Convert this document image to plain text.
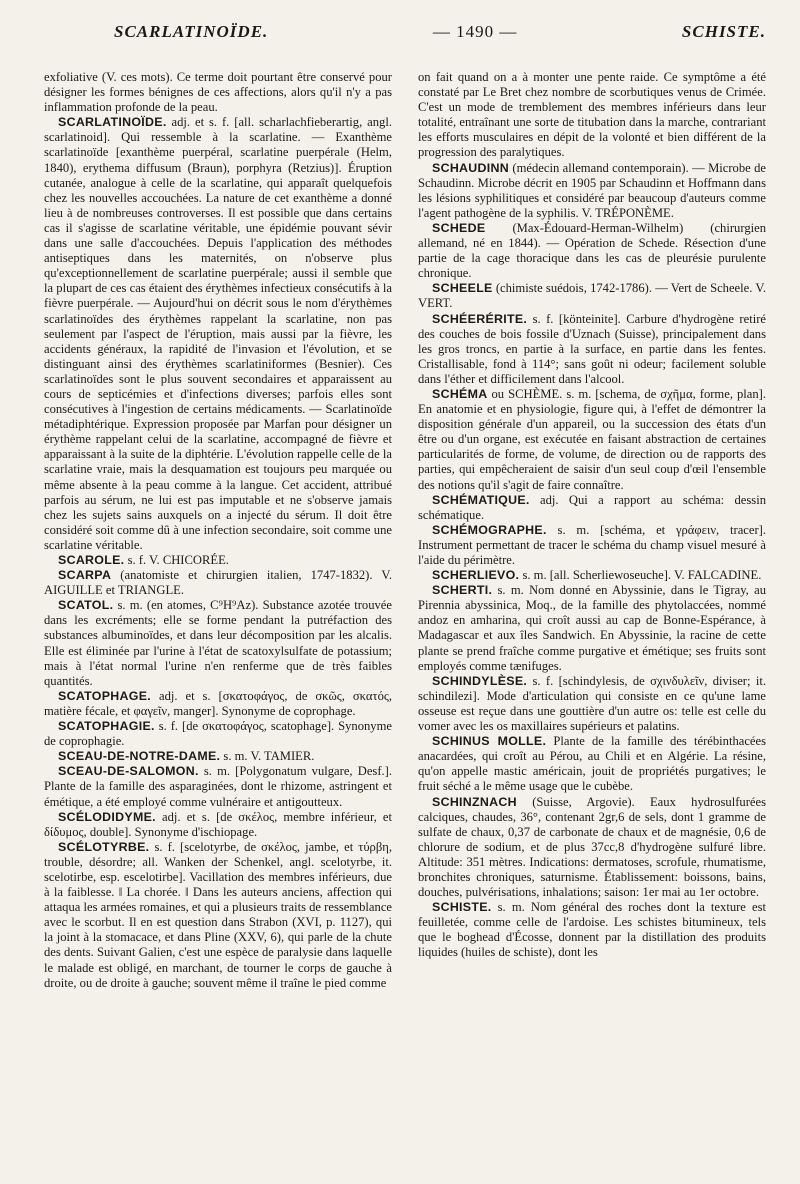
SCARLATINOÏDE.	— 1490 —	SCHISTE.

exfoliative (V. ces mots). Ce terme doit pourtant être conservé pour désigner les formes bénignes de ces affections, alors qu'il n'y a pas inflammation profonde de la peau.

SCARLATINOÏDE. adj. et s. f. [all. scharlachfieberartig, angl. scarlatinoid]. Qui ressemble à la scarlatine. — Exanthème scarlatinoïde [exanthème puerpéral, scarlatine puerpérale (Helm, 1840), erythema diffusum (Braun), porphyra (Retzius)]. Éruption cutanée, analogue à celle de la scarlatine, qui apparaît quelquefois chez les nouvelles accouchées. La nature de cet exanthème a donné lieu à de nombreuses controverses. Il est possible que dans certains cas il s'agisse de scarlatine véritable, une épidémie pouvant sévir dans une salle d'accouchées. Depuis l'application des méthodes antiseptiques dans les maternités, on n'observe plus qu'exceptionnellement de scarlatine puerpérale; aussi il semble que la plupart de ces cas étaient des érythèmes infectieux consécutifs à la fièvre puerpérale. — Aujourd'hui on décrit sous le nom d'érythèmes scarlatinoïdes des érythèmes rappelant la scarlatine, non pas seulement par l'aspect de l'éruption, mais aussi par la fièvre, les accidents généraux, la rapidité de l'invasion et l'évolution, et se distinguant ainsi des érythèmes scarlatiniformes (Besnier). Ces scarlatinoïdes sont le plus souvent secondaires et apparaissent au cours de septicémies et d'infections diverses; parfois elles sont consécutives à l'ingestion de certains médicaments. — Scarlatinoïde métadiphtérique. Expression proposée par Marfan pour désigner un érythème rappelant celui de la scarlatine, accompagné de fièvre et apparaissant à la suite de la diphtérie. L'évolution rappelle celle de la scarlatine vraie, mais la desquamation est toujours peu marquée ou même absente à la peau comme à la langue. Cet accident, attribué parfois au sérum, ne lui est pas imputable et ne s'observe jamais chez les sujets sains auxquels on a injecté du sérum. Il doit être considéré soit comme dû à une infection secondaire, soit comme une scarlatine véritable.

SCAROLE. s. f. V. CHICORÉE.

SCARPA (anatomiste et chirurgien italien, 1747-1832). V. AIGUILLE et TRIANGLE.

SCATOL. s. m. (en atomes, C⁹H⁹Az). Substance azotée trouvée dans les excréments; elle se forme pendant la putréfaction des substances albuminoïdes, et dans leur décomposition par les alcalis. Elle est éliminée par l'urine à l'état de scatoxylsulfate de potassium; mais à l'état normal l'urine n'en renferme que de très faibles quantités.

SCATOPHAGE. adj. et s. [σκατοφάγος, de σκῶς, σκατός, matière fécale, et φαγεῖν, manger]. Synonyme de coprophage.

SCATOPHAGIE. s. f. [de σκατοφάγος, scatophage]. Synonyme de coprophagie.

SCEAU-DE-NOTRE-DAME. s. m. V. TAMIER.

SCEAU-DE-SALOMON. s. m. [Polygonatum vulgare, Desf.]. Plante de la famille des asparaginées, dont le rhizome, astringent et émétique, a été employé comme vulnéraire et antigoutteux.

SCÉLODIDYME. adj. et s. [de σκέλος, membre inférieur, et δίδυμος, double]. Synonyme d'ischiopage.

SCÉLOTYRBE. s. f. [scelotyrbe, de σκέλος, jambe, et τύρβη, trouble, désordre; all. Wanken der Schenkel, angl. scelotyrbe, it. scelotirbe, esp. escelotirbe]. Vacillation des membres inférieurs, due à la faiblesse. ‖ La chorée. ‖ Dans les auteurs anciens, affection qui attaqua les armées romaines, et qui a plusieurs traits de ressemblance avec le scorbut. Il en est question dans Strabon (XVI, p. 1127), qui la joint à la stomacace, et dans Pline (XXV, 6), qui parle de la chute des dents. Suivant Galien, c'est une espèce de paralysie dans laquelle le malade est obligé, en marchant, de tourner le corps de gauche à droite, ou de droite à gauche; souvent même il traîne le pied comme

on fait quand on a à monter une pente raide. Ce symptôme a été constaté par Le Bret chez nombre de scorbutiques venus de Crimée. C'est un mode de tremblement des membres inférieurs dans leur totalité, entraînant une sorte de titubation dans la marche, contrariant les efforts musculaires en dépit de la volonté et bien différent de la progression des paralytiques.

SCHAUDINN (médecin allemand contemporain). — Microbe de Schaudinn. Microbe décrit en 1905 par Schaudinn et Hoffmann dans les lésions syphilitiques et considéré par beaucoup d'auteurs comme l'agent pathogène de la syphilis. V. TRÉPONÈME.

SCHEDE (Max-Édouard-Herman-Wilhelm) (chirurgien allemand, né en 1844). — Opération de Schede. Résection d'une partie de la cage thoracique dans les cas de pleurésie purulente chronique.

SCHEELE (chimiste suédois, 1742-1786). — Vert de Scheele. V. VERT.

SCHÉERÉRITE. s. f. [könteinite]. Carbure d'hydrogène retiré des couches de bois fossile d'Uznach (Suisse), principalement dans les gros troncs, en partie à la surface, en partie dans les fentes. Cristallisable, fond à 114°; sans goût ni odeur; facilement soluble dans l'éther et difficilement dans l'alcool.

SCHÉMA ou SCHÈME. s. m. [schema, de σχῆμα, forme, plan]. En anatomie et en physiologie, figure qui, à l'effet de démontrer la disposition générale d'un appareil, ou la succession des états d'un être ou d'un organe, est exécutée en faisant abstraction de certaines particularités de forme, de volume, de direction ou de rapports des parties, qui empêcheraient de saisir d'un seul coup d'œil l'ensemble des notions qu'il s'agit de faire connaître.

SCHÉMATIQUE. adj. Qui a rapport au schéma: dessin schématique.

SCHÉMOGRAPHE. s. m. [schéma, et γράφειν, tracer]. Instrument permettant de tracer le schéma du champ visuel mesuré à l'aide du périmètre.

SCHERLIEVO. s. m. [all. Scherliewoseuche]. V. FALCADINE.

SCHERTI. s. m. Nom donné en Abyssinie, dans le Tigray, au Pirennia abyssinica, Moq., de la famille des phytolaccées, nommé andoz en amharina, qui croît aussi au cap de Bonne-Espérance, à Madagascar et aux îles Sandwich. En Abyssinie, la racine de cette plante se prend fraîche comme purgative et émétique; ses fruits sont employés comme tænifuges.

SCHINDYLÈSE. s. f. [schindylesis, de σχινδυλεῖν, diviser; it. schindilezi]. Mode d'articulation qui consiste en ce qu'une lame osseuse est reçue dans une gouttière d'un autre os: telle est celle du vomer avec les os maxillaires supérieurs et palatins.

SCHINUS MOLLE. Plante de la famille des térébinthacées anacardées, qui croît au Pérou, au Chili et en Algérie. La résine, qu'on appelle mastic américain, jouit de propriétés purgatives; le fruit séché a le même usage que le cubèbe.

SCHINZNACH (Suisse, Argovie). Eaux hydrosulfurées calciques, chaudes, 36°, contenant 2gr,6 de sels, dont 1 gramme de sulfate de chaux, 0,37 de carbonate de chaux et de magnésie, 0,6 de chlorure de sodium, et de plus 37cc,8 d'hydrogène sulfuré libre. Altitude: 351 mètres. Indications: dermatoses, scrofule, rhumatisme, bronchites chroniques, saturnisme. Établissement: boissons, bains, douches, pulvérisations, inhalations; saison: 1er mai au 1er octobre.

SCHISTE. s. m. Nom général des roches dont la texture est feuilletée, comme celle de l'ardoise. Les schistes bitumineux, tels que le boghead d'Écosse, donnent par la distillation des produits liquides (huiles de schiste), dont les
